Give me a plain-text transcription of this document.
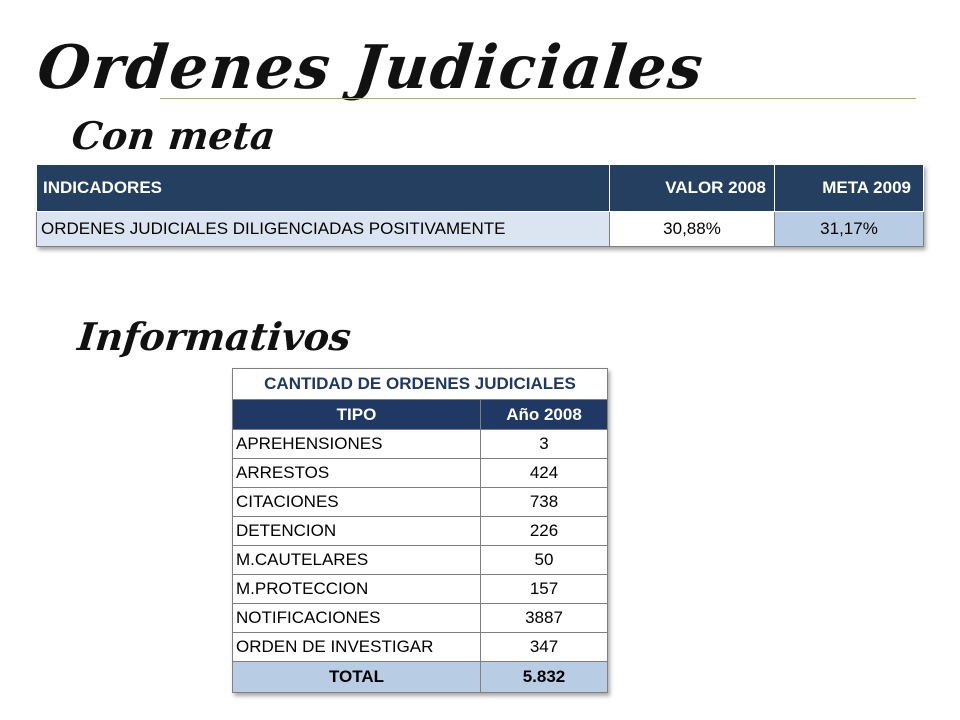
Ordenes Judiciales
Con meta
INDICADORES	VALOR 2008	META 2009
ORDENES JUDICIALES DILIGENCIADAS POSITIVAMENTE	30,88%	31,17%
Informativos
CANTIDAD DE ORDENES JUDICIALES	
TIPO	Año 2008
APREHENSIONES	3
ARRESTOS	424
CITACIONES	738
DETENCION	226
M.CAUTELARES	50
M.PROTECCION	157
NOTIFICACIONES	3887
ORDEN DE INVESTIGAR	347
TOTAL	5.832
